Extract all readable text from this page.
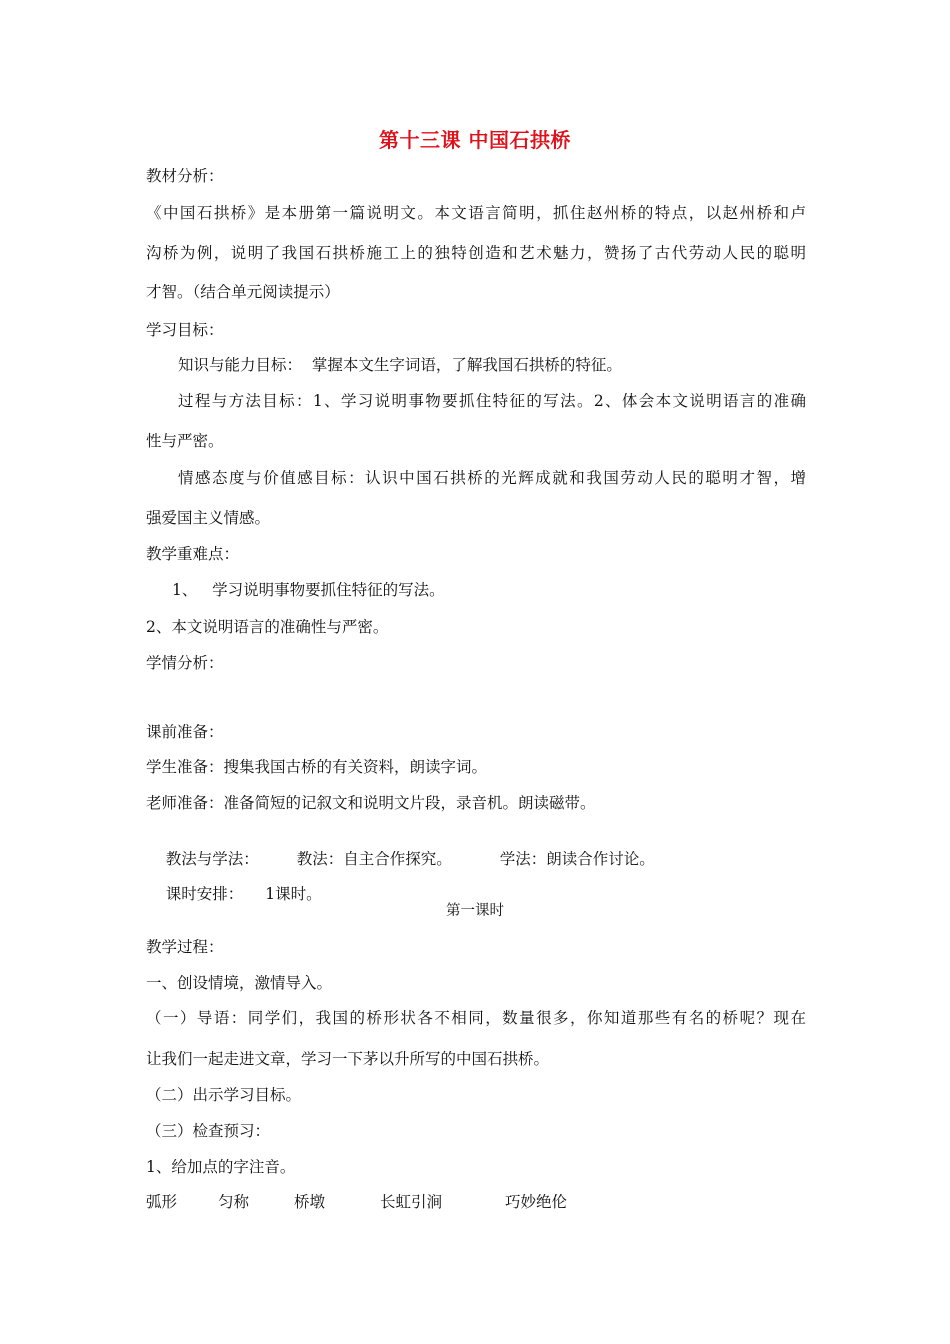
第十三课 中国石拱桥
教材分析：
《中国石拱桥》是本册第一篇说明文。本文语言简明，抓住赵州桥的特点，以赵州桥和卢
沟桥为例，说明了我国石拱桥施工上的独特创造和艺术魅力，赞扬了古代劳动人民的聪明
才智。（结合单元阅读提示）
学习目标：
知识与能力目标：  掌握本文生字词语，了解我国石拱桥的特征。
过程与方法目标：1、学习说明事物要抓住特征的写法。2、体会本文说明语言的准确
性与严密。
情感态度与价值感目标：认识中国石拱桥的光辉成就和我国劳动人民的聪明才智，增
强爱国主义情感。
教学重难点：
1、   学习说明事物要抓住特征的写法。
2、本文说明语言的准确性与严密。
学情分析：
课前准备：
学生准备：搜集我国古桥的有关资料，朗读字词。
老师准备：准备简短的记叙文和说明文片段，录音机。朗读磁带。

教法与学法： 教法：自主合作探究。	学法：朗读合作讨论。

课时安排： 1课时。

第一课时
教学过程：
一、创设情境，激情导入。
（一）导语：同学们，我国的桥形状各不相同，数量很多，你知道那些有名的桥呢？现在
让我们一起走进文章，学习一下茅以升所写的中国石拱桥。
（二）出示学习目标。
（三）检查预习：
1、给加点的字注音。
弧形	匀称	桥墩	长虹引涧	巧妙绝伦
